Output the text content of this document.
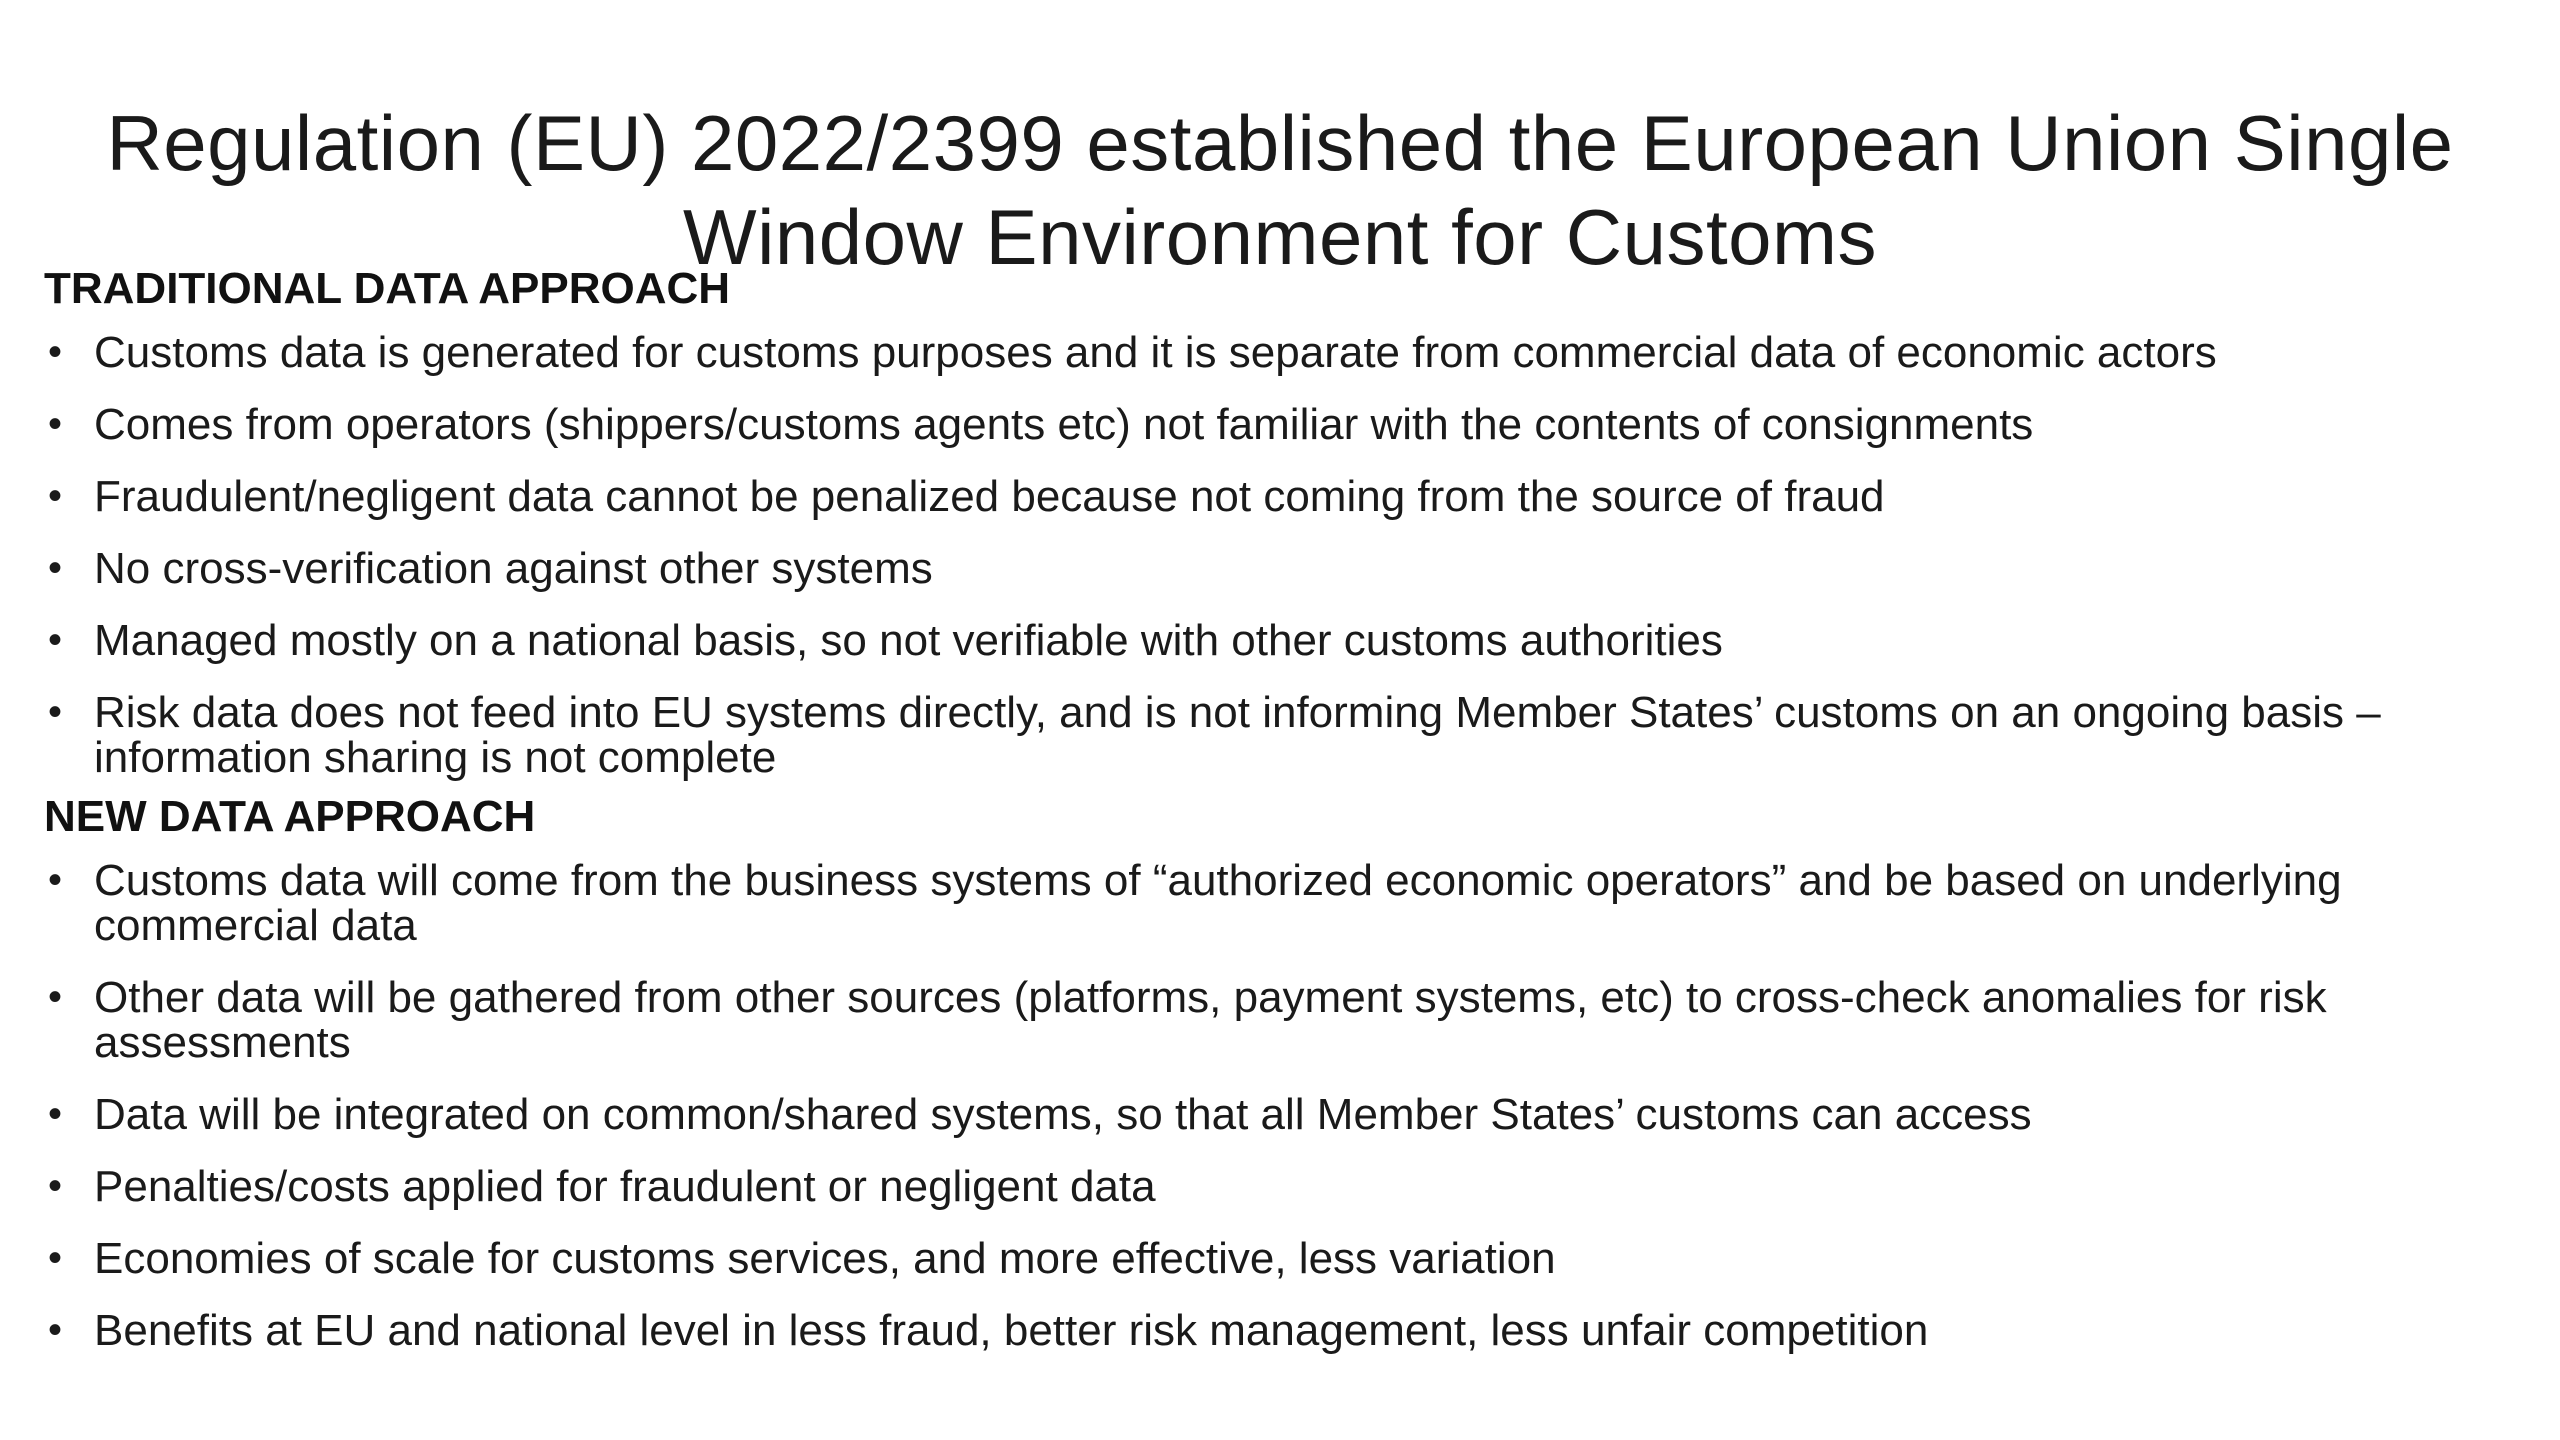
Regulation (EU) 2022/2399 established the European Union Single
Window Environment for Customs
TRADITIONAL DATA APPROACH
• Customs data is generated for customs purposes and it is separate from commercial data of economic actors
• Comes from operators (shippers/customs agents etc) not familiar with the contents of consignments
• Fraudulent/negligent data cannot be penalized because not coming from the source of fraud
• No cross-verification against other systems
• Managed mostly on a national basis, so not verifiable with other customs authorities
• Risk data does not feed into EU systems directly, and is not informing Member States’ customs on an ongoing basis – information sharing is not complete
NEW DATA APPROACH
• Customs data will come from the business systems of “authorized economic operators” and be based on underlying commercial data
• Other data will be gathered from other sources (platforms, payment systems, etc) to cross-check anomalies for risk assessments
• Data will be integrated on common/shared systems, so that all Member States’ customs can access
• Penalties/costs applied for fraudulent or negligent data
• Economies of scale for customs services, and more effective, less variation
• Benefits at EU and national level in less fraud, better risk management, less unfair competition
